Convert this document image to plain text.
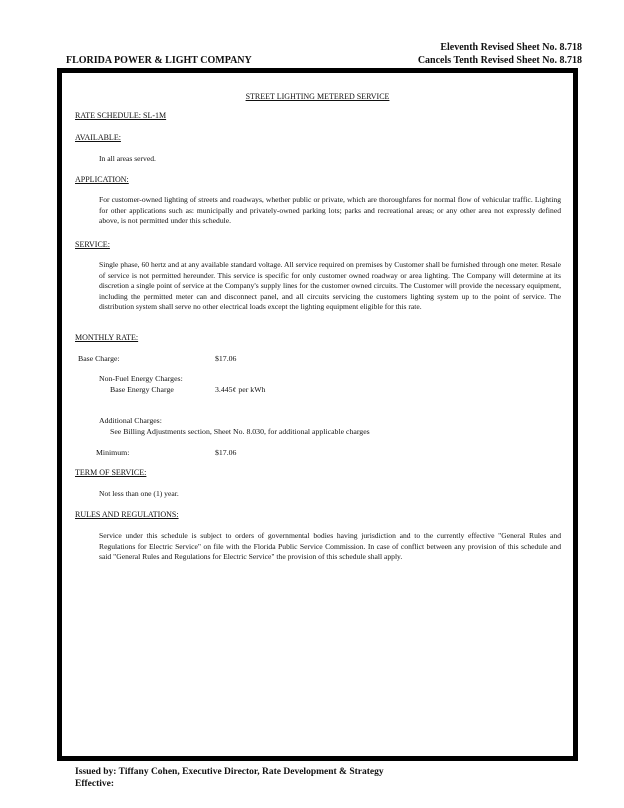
Eleventh Revised Sheet No. 8.718
Cancels Tenth Revised Sheet No. 8.718
FLORIDA POWER & LIGHT COMPANY
STREET LIGHTING METERED SERVICE
RATE SCHEDULE: SL-1M
AVAILABLE:
In all areas served.
APPLICATION:
For customer-owned lighting of streets and roadways, whether public or private, which are thoroughfares for normal flow of vehicular traffic. Lighting for other applications such as: municipally and privately-owned parking lots; parks and recreational areas; or any other area not expressly defined above, is not permitted under this schedule.
SERVICE:
Single phase, 60 hertz and at any available standard voltage. All service required on premises by Customer shall be furnished through one meter. Resale of service is not permitted hereunder. This service is specific for only customer owned roadway or area lighting. The Company will determine at its discretion a single point of service at the Company's supply lines for the customer owned circuits. The Customer will provide the necessary equipment, including the permitted meter can and disconnect panel, and all circuits servicing the customers lighting system up to the point of service. The distribution system shall serve no other electrical loads except the lighting equipment eligible for this rate.
MONTHLY RATE:
Base Charge:	$17.06
Non-Fuel Energy Charges:
Base Energy Charge	3.445¢ per kWh
Additional Charges:
See Billing Adjustments section, Sheet No. 8.030, for additional applicable charges
Minimum:	$17.06
TERM OF SERVICE:
Not less than one (1) year.
RULES AND REGULATIONS:
Service under this schedule is subject to orders of governmental bodies having jurisdiction and to the currently effective "General Rules and Regulations for Electric Service" on file with the Florida Public Service Commission. In case of conflict between any provision of this schedule and said "General Rules and Regulations for Electric Service" the provision of this schedule shall apply.
Issued by: Tiffany Cohen, Executive Director, Rate Development & Strategy
Effective:
